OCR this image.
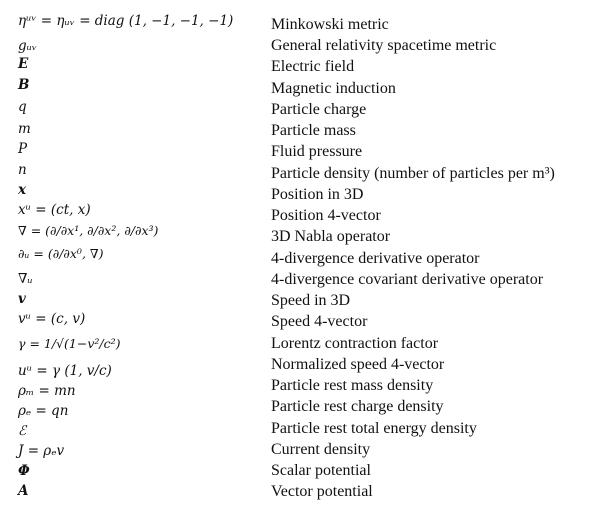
ηᵘᵛ = ηᵤᵥ = diag (1, −1, −1, −1)
gᵤᵥ
E
B
q
m
P
n
x
xᵘ = (ct, x)
∇ = (∂/∂x¹, ∂/∂x², ∂/∂x³)
∂ᵤ = (∂/∂x⁰, ∇)
∇ᵤ
v
vᵘ = (c, v)
γ = 1/√(1−v²/c²)
uᵘ = γ (1, v/c)
ρₘ = mn
ρₑ = qn
ℰ
J = ρₑv
Φ
A
Minkowski metric
General relativity spacetime metric
Electric field
Magnetic induction
Particle charge
Particle mass
Fluid pressure
Particle density (number of particles per m³)
Position in 3D
Position 4-vector
3D Nabla operator
4-divergence derivative operator
4-divergence covariant derivative operator
Speed in 3D
Speed 4-vector
Lorentz contraction factor
Normalized speed 4-vector
Particle rest mass density
Particle rest charge density
Particle rest total energy density
Current density
Scalar potential
Vector potential
